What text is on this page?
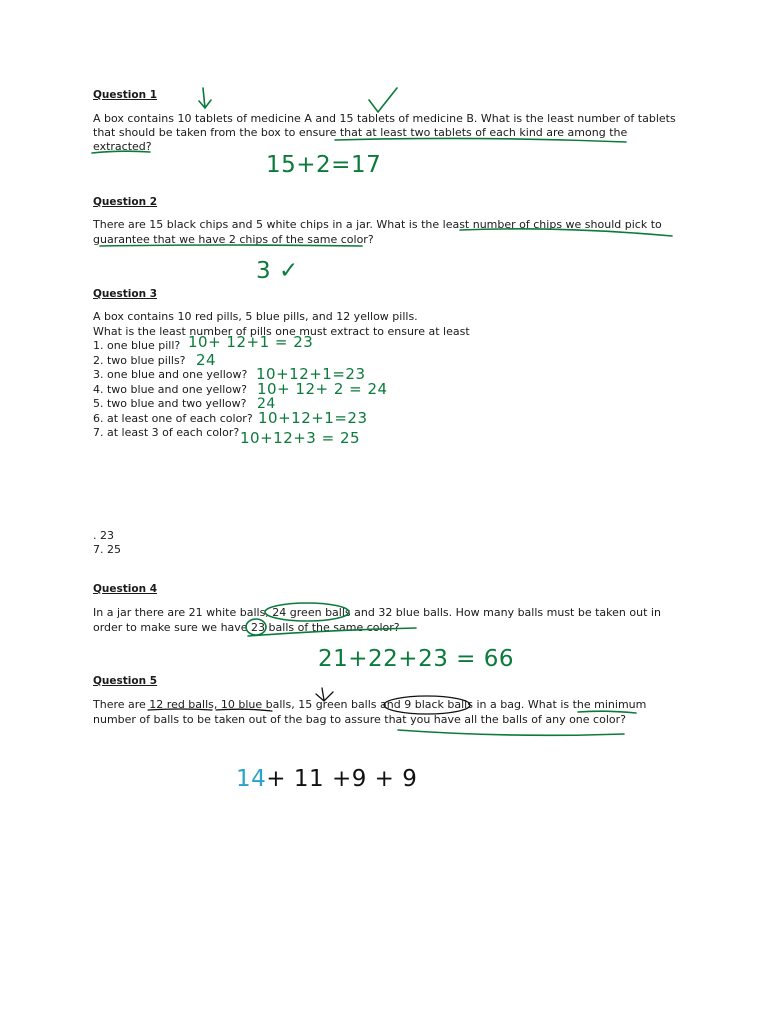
Question 1
A box contains 10 tablets of medicine A and 15 tablets of medicine B. What is the least number of tablets
that should be taken from the box to ensure that at least two tablets of each kind are among the
extracted?
15+2=17
Question 2
There are 15 black chips and 5 white chips in a jar. What is the least number of chips we should pick to
guarantee that we have 2 chips of the same color?
3 ✓
Question 3
A box contains 10 red pills, 5 blue pills, and 12 yellow pills.
What is the least number of pills one must extract to ensure at least
1. one blue pill?
2. two blue pills?
3. one blue and one yellow?
4. two blue and one yellow?
5. two blue and two yellow?
6. at least one of each color?
7. at least 3 of each color?
10+ 12+1 = 23
24
10+12+1=23
10+ 12+ 2 = 24
24
10+12+1=23
10+12+3 = 25
. 23
7. 25
Question 4
In a jar there are 21 white balls, 24 green balls and 32 blue balls. How many balls must be taken out in
order to make sure we have 23 balls of the same color?
21+22+23 = 66
Question 5
There are 12 red balls, 10 blue balls, 15 green balls and 9 black balls in a bag. What is the minimum
number of balls to be taken out of the bag to assure that you have all the balls of any one color?
14+ 11 +9 + 9
